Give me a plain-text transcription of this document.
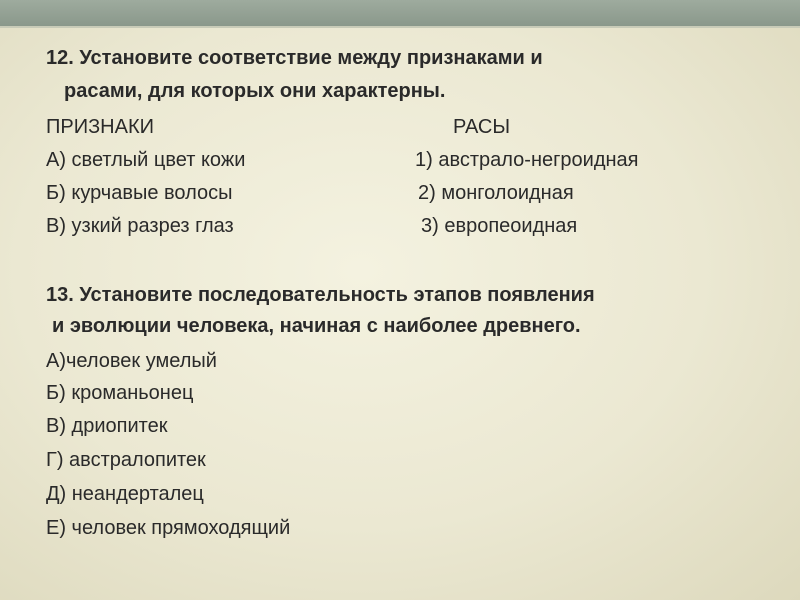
12. Установите соответствие между признаками и
расами, для которых они характерны.
ПРИЗНАКИ	РАСЫ
А) светлый цвет кожи	1) австрало-негроидная
Б) курчавые волосы	2) монголоидная
В) узкий разрез глаз	3) европеоидная
13. Установите последовательность этапов появления
и эволюции человека, начиная с наиболее древнего.
А)человек умелый
Б) кроманьонец
В) дриопитек
Г) австралопитек
Д) неандерталец
Е) человек прямоходящий
